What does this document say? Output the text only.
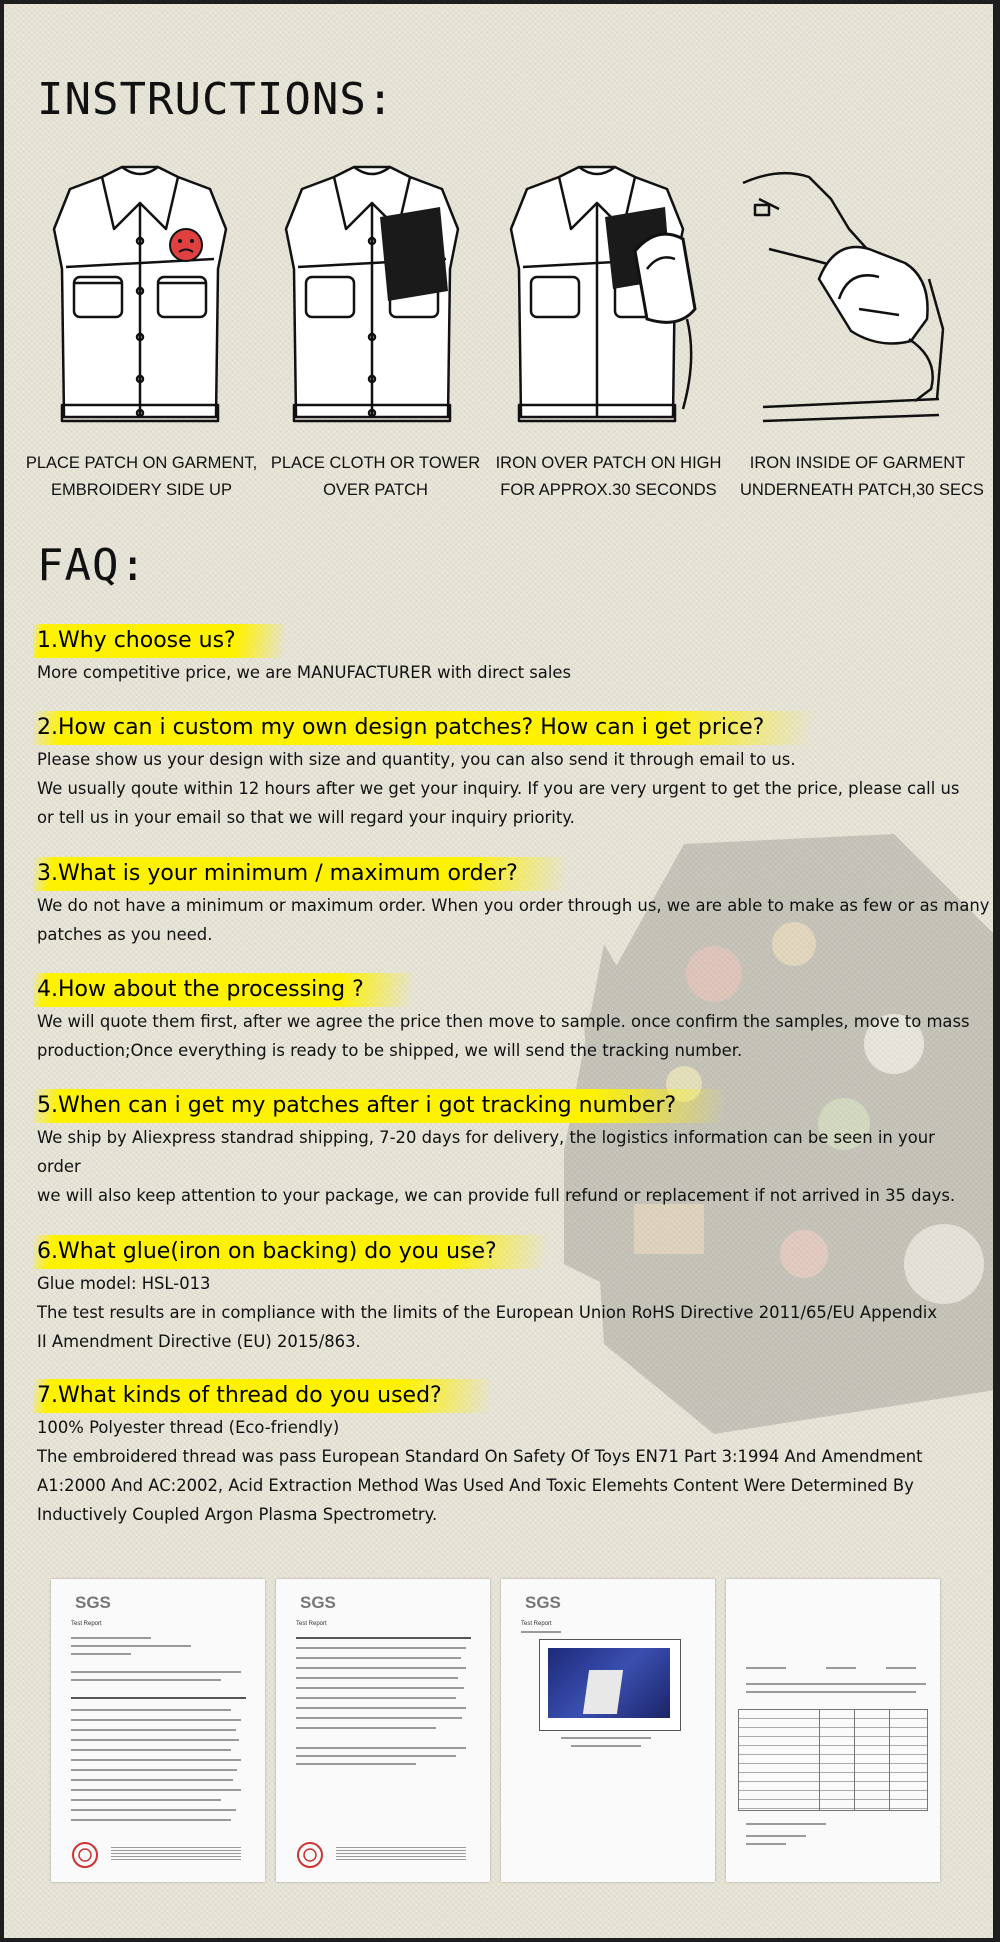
INSTRUCTIONS:
PLACE PATCH ON GARMENT,
EMBROIDERY SIDE UP
PLACE CLOTH OR TOWER
OVER PATCH
IRON OVER PATCH ON HIGH
FOR APPROX.30 SECONDS
IRON INSIDE OF GARMENT
UNDERNEATH PATCH,30 SECS
FAQ:
1.Why choose us?

More competitive price, we are MANUFACTURER with direct sales

2.How can i custom my own design patches? How can i get price?

Please show us your design with size and quantity, you can also send it through email to us.

We usually qoute within 12 hours after we get your inquiry. If you are very urgent to get the price, please call us

or tell us in your email so that we will regard your inquiry priority.

3.What is your minimum / maximum order?

We do not have a minimum or maximum order. When you order through us, we are able to make as few or as many

patches as you need.

4.How about the processing ?

We will quote them first, after we agree the price then move to sample. once confirm the samples, move to mass

production;Once everything is ready to be shipped, we will send the tracking number.

5.When can i get my patches after i got tracking number?

We ship by Aliexpress standrad shipping, 7-20 days for delivery, the logistics information can be seen in your

order

we will also keep attention to your package, we can provide full refund or replacement if not arrived in 35 days.

6.What glue(iron on backing) do you use?

Glue model: HSL-013

The test results are in compliance with the limits of the European Union RoHS Directive 2011/65/EU Appendix

II Amendment Directive (EU) 2015/863.

7.What kinds of thread do you used?

100% Polyester thread (Eco-friendly)

The embroidered thread was pass European Standard On Safety Of Toys EN71 Part 3:1994 And Amendment

A1:2000 And AC:2002, Acid Extraction Method Was Used And Toxic Elemehts Content Were Determined By

Inductively Coupled Argon Plasma Spectrometry.

SGS
Test Report
SGS
Test Report
SGS
Test Report
